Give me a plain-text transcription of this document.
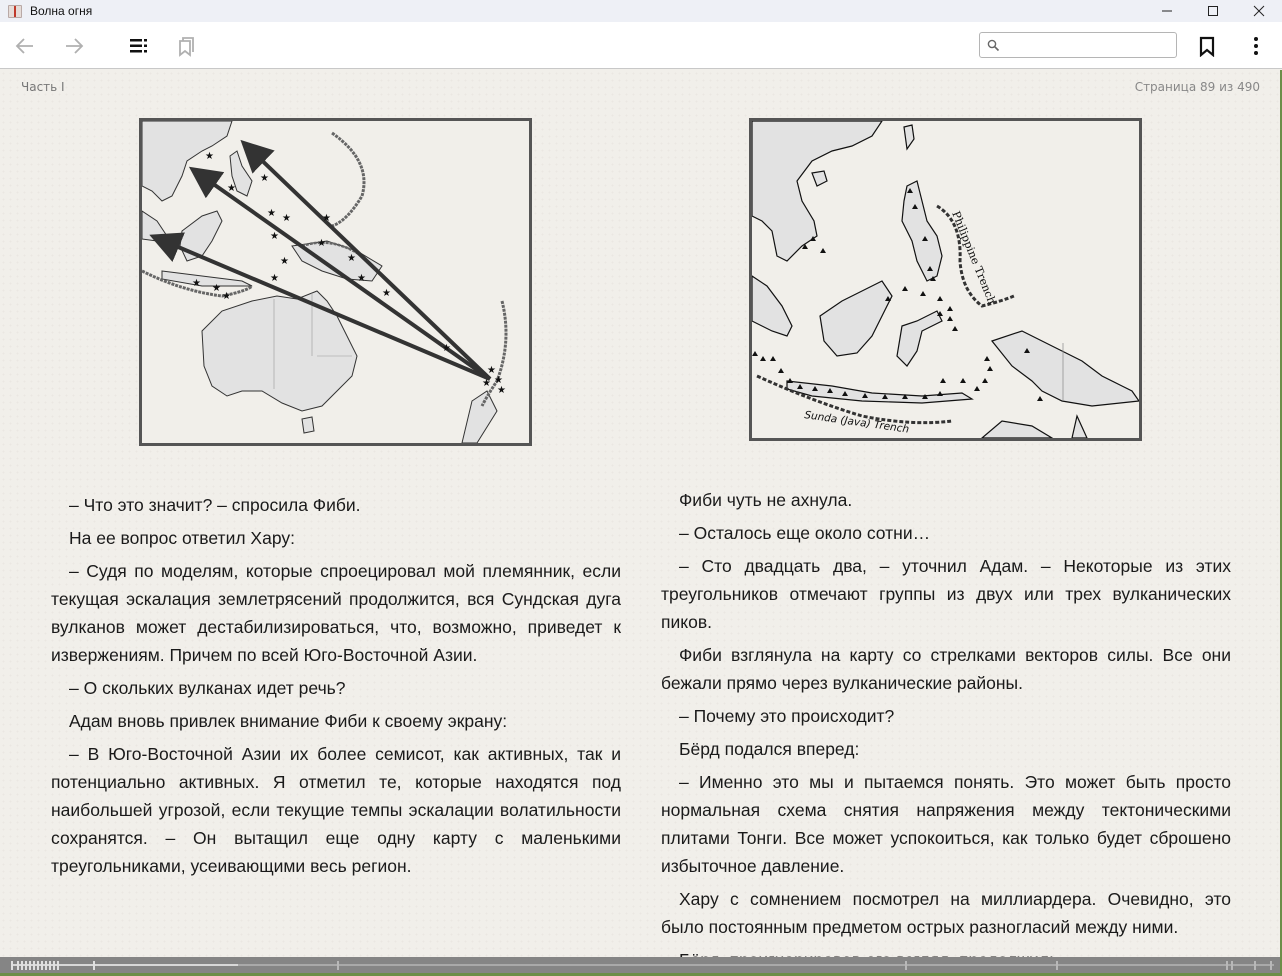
Волна огня
Часть I	Страница 89 из 490
★
★
★
★ ★
★
★
★
★
★
★
★
★
★ ★
★
★
★
★
★
★
Philippine Trench
Sunda (Java) Trench

– Что это значит? – спросила Фиби.

На ее вопрос ответил Хару:

– Судя по моделям, которые спроецировал мой племянник, если текущая эскалация землетрясений продолжится, вся Сундская дуга вулканов может дестабилизироваться, что, возможно, приведет к извержениям. Причем по всей Юго-Восточной Азии.

– О скольких вулканах идет речь?

Адам вновь привлек внимание Фиби к своему экрану:

– В Юго-Восточной Азии их более семисот, как активных, так и потенциально активных. Я отметил те, которые находятся под наибольшей угрозой, если текущие темпы эскалации волатильности сохранятся. – Он вытащил еще одну карту с маленькими треугольниками, усеивающими весь регион.

Фиби чуть не ахнула.

– Осталось еще около сотни…

– Сто двадцать два, – уточнил Адам. – Некоторые из этих треугольников отмечают группы из двух или трех вулканических пиков.

Фиби взглянула на карту со стрелками векторов силы. Все они бежали прямо через вулканические районы.

– Почему это происходит?

Бёрд подался вперед:

– Именно это мы и пытаемся понять. Это может быть просто нормальная схема снятия напряжения между тектоническими плитами Тонги. Все может успокоиться, как только будет сброшено избыточное давление.

Хару с сомнением посмотрел на миллиардера. Очевидно, это было постоянным предметом острых разногласий между ними.
